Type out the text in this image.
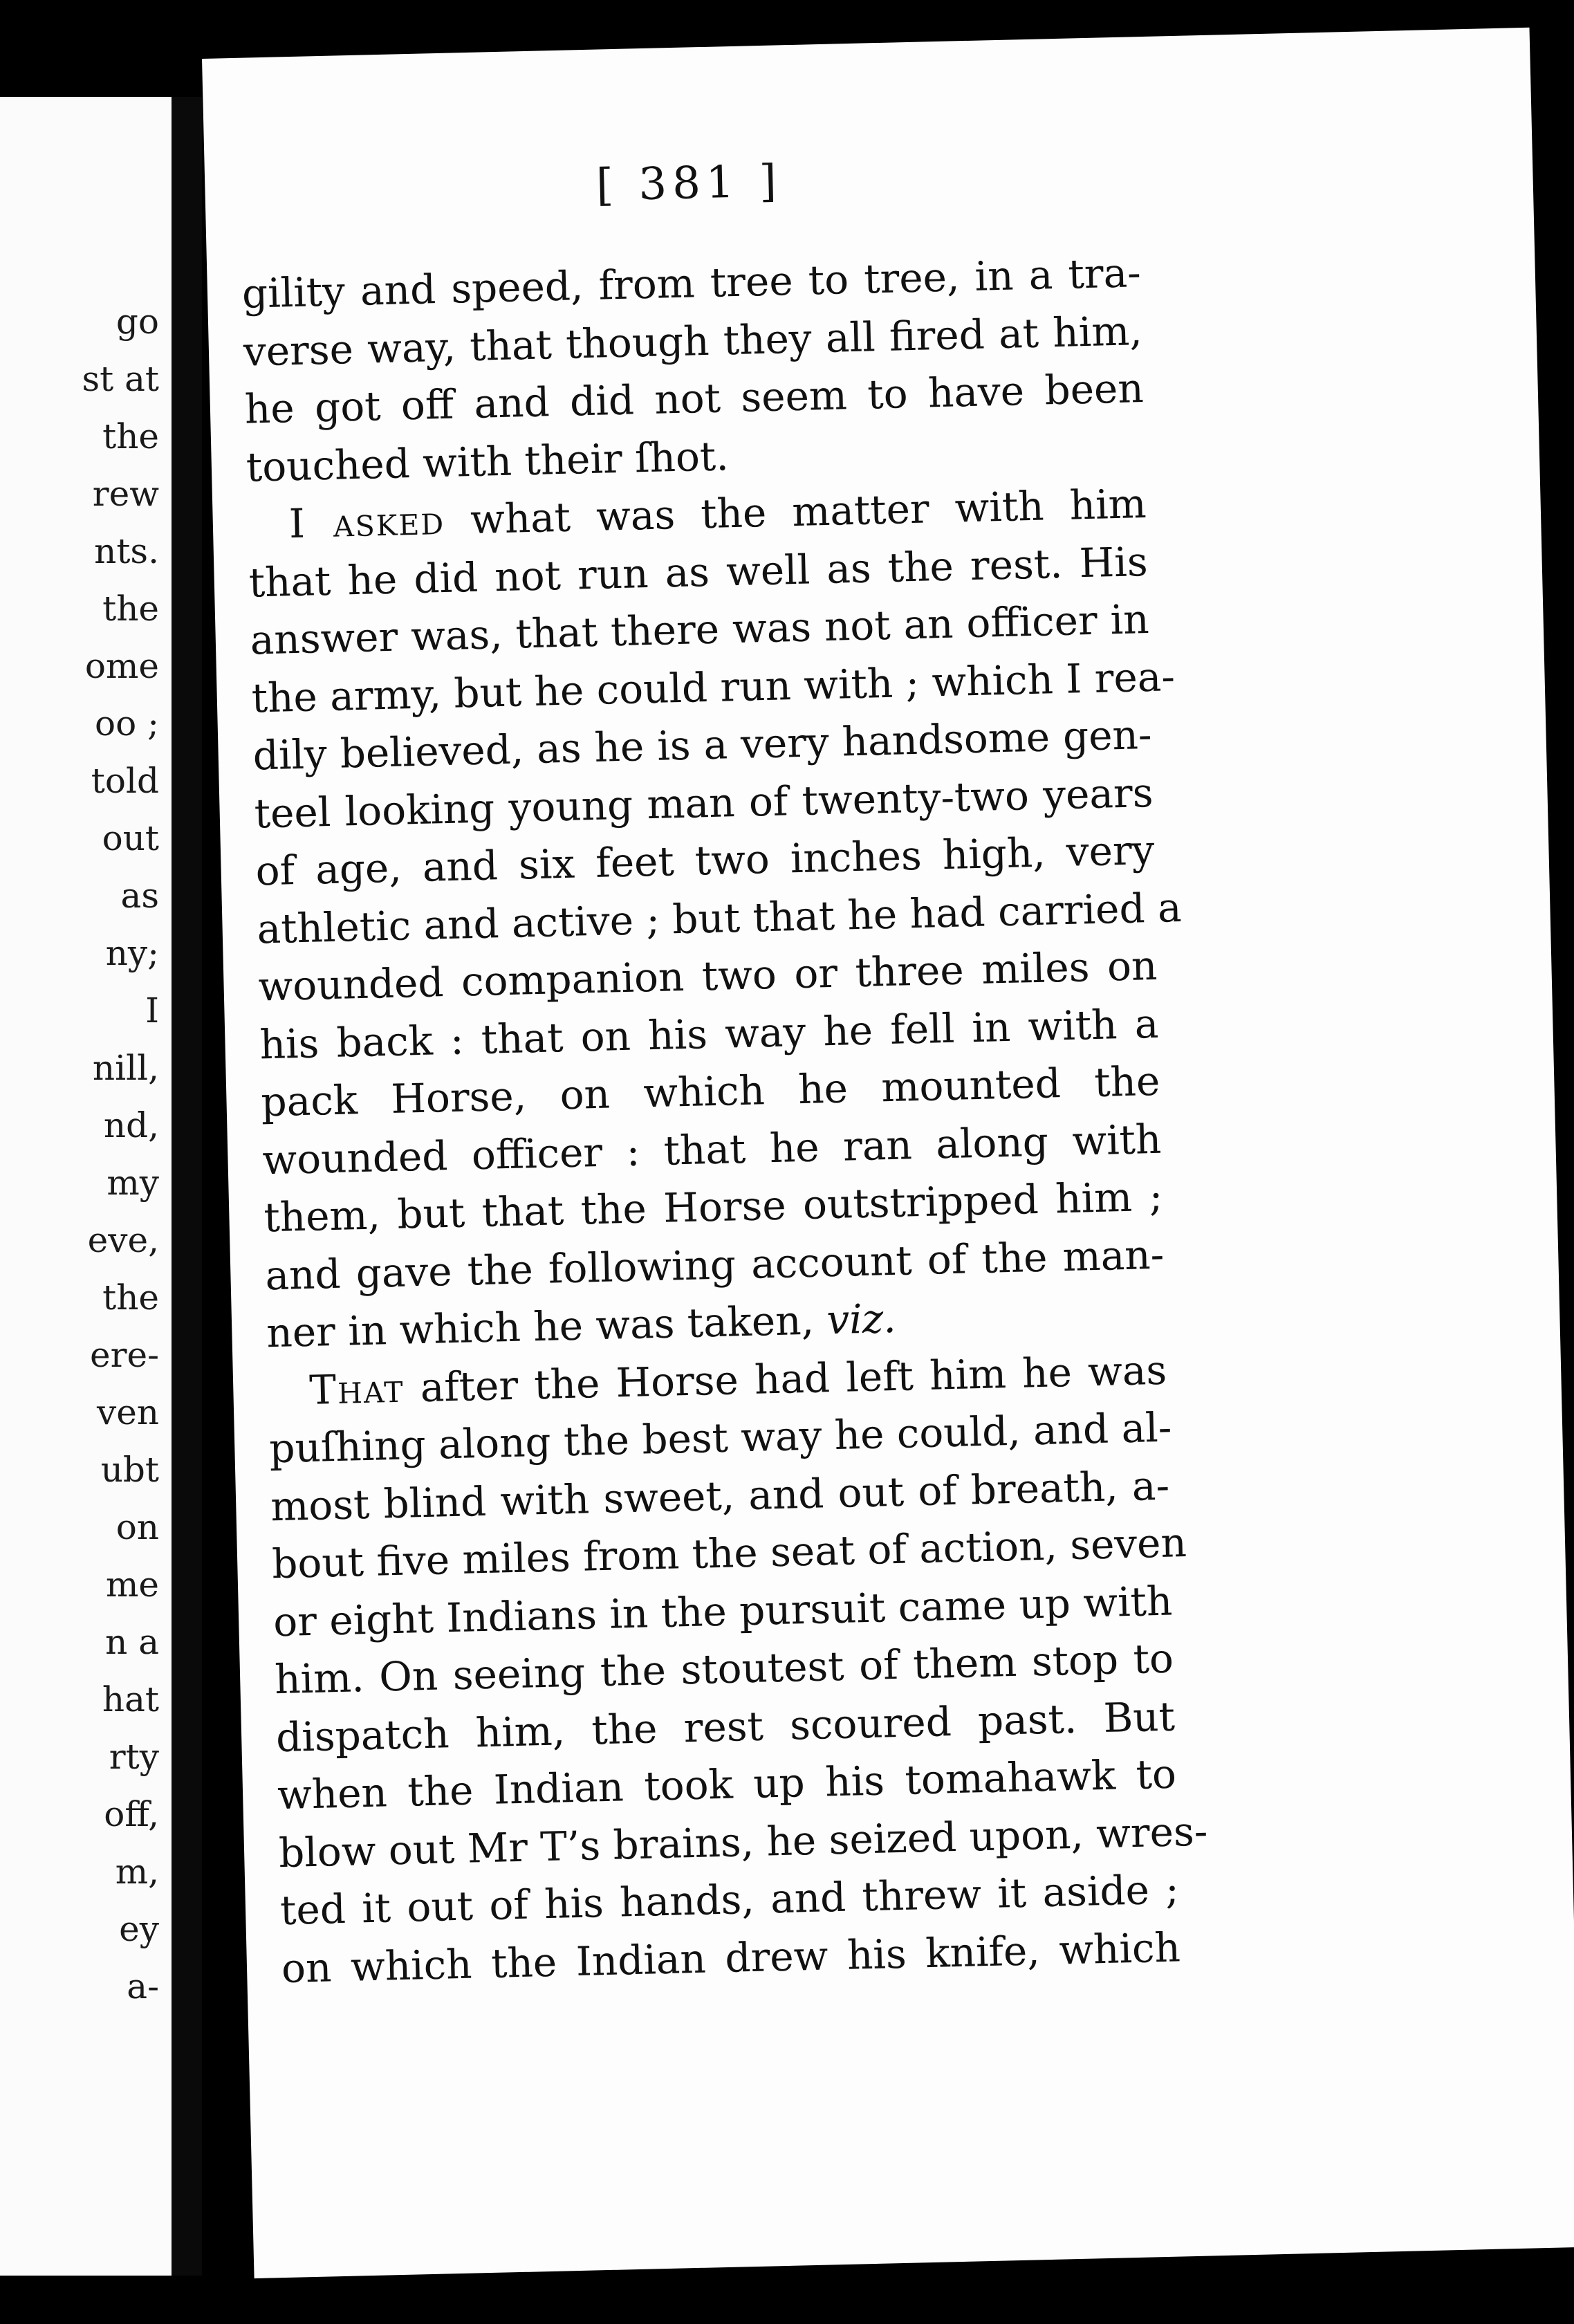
go
st at
the
rew
nts.
the
ome
oo ;
told
out
as
ny;
I
nill,
nd,
my
eve,
the
ere-
ven
ubt
on
me
n a
hat
rty
off,
m,
ey
a-
[ 381 ]
gility and speed, from tree to tree, in a tra-
verse way, that though they all fired at him,
he got off and did not seem to have been
touched with their ſhot.
I asked what was the matter with him
that he did not run as well as the rest. His
answer was, that there was not an officer in
the army, but he could run with ; which I rea-
dily believed, as he is a very handsome gen-
teel looking young man of twenty-two years
of age, and six feet two inches high, very
athletic and active ; but that he had carried a
wounded companion two or three miles on
his back : that on his way he fell in with a
pack Horse, on which he mounted the
wounded officer : that he ran along with
them, but that the Horse outstripped him ;
and gave the following account of the man-
ner in which he was taken, viz.
That after the Horse had left him he was
puſhing along the best way he could, and al-
most blind with sweet, and out of breath, a-
bout five miles from the seat of action, seven
or eight Indians in the pursuit came up with
him. On seeing the stoutest of them stop to
dispatch him, the rest scoured past. But
when the Indian took up his tomahawk to
blow out Mr T’s brains, he seized upon, wres-
ted it out of his hands, and threw it aside ;
on which the Indian drew his knife, which
